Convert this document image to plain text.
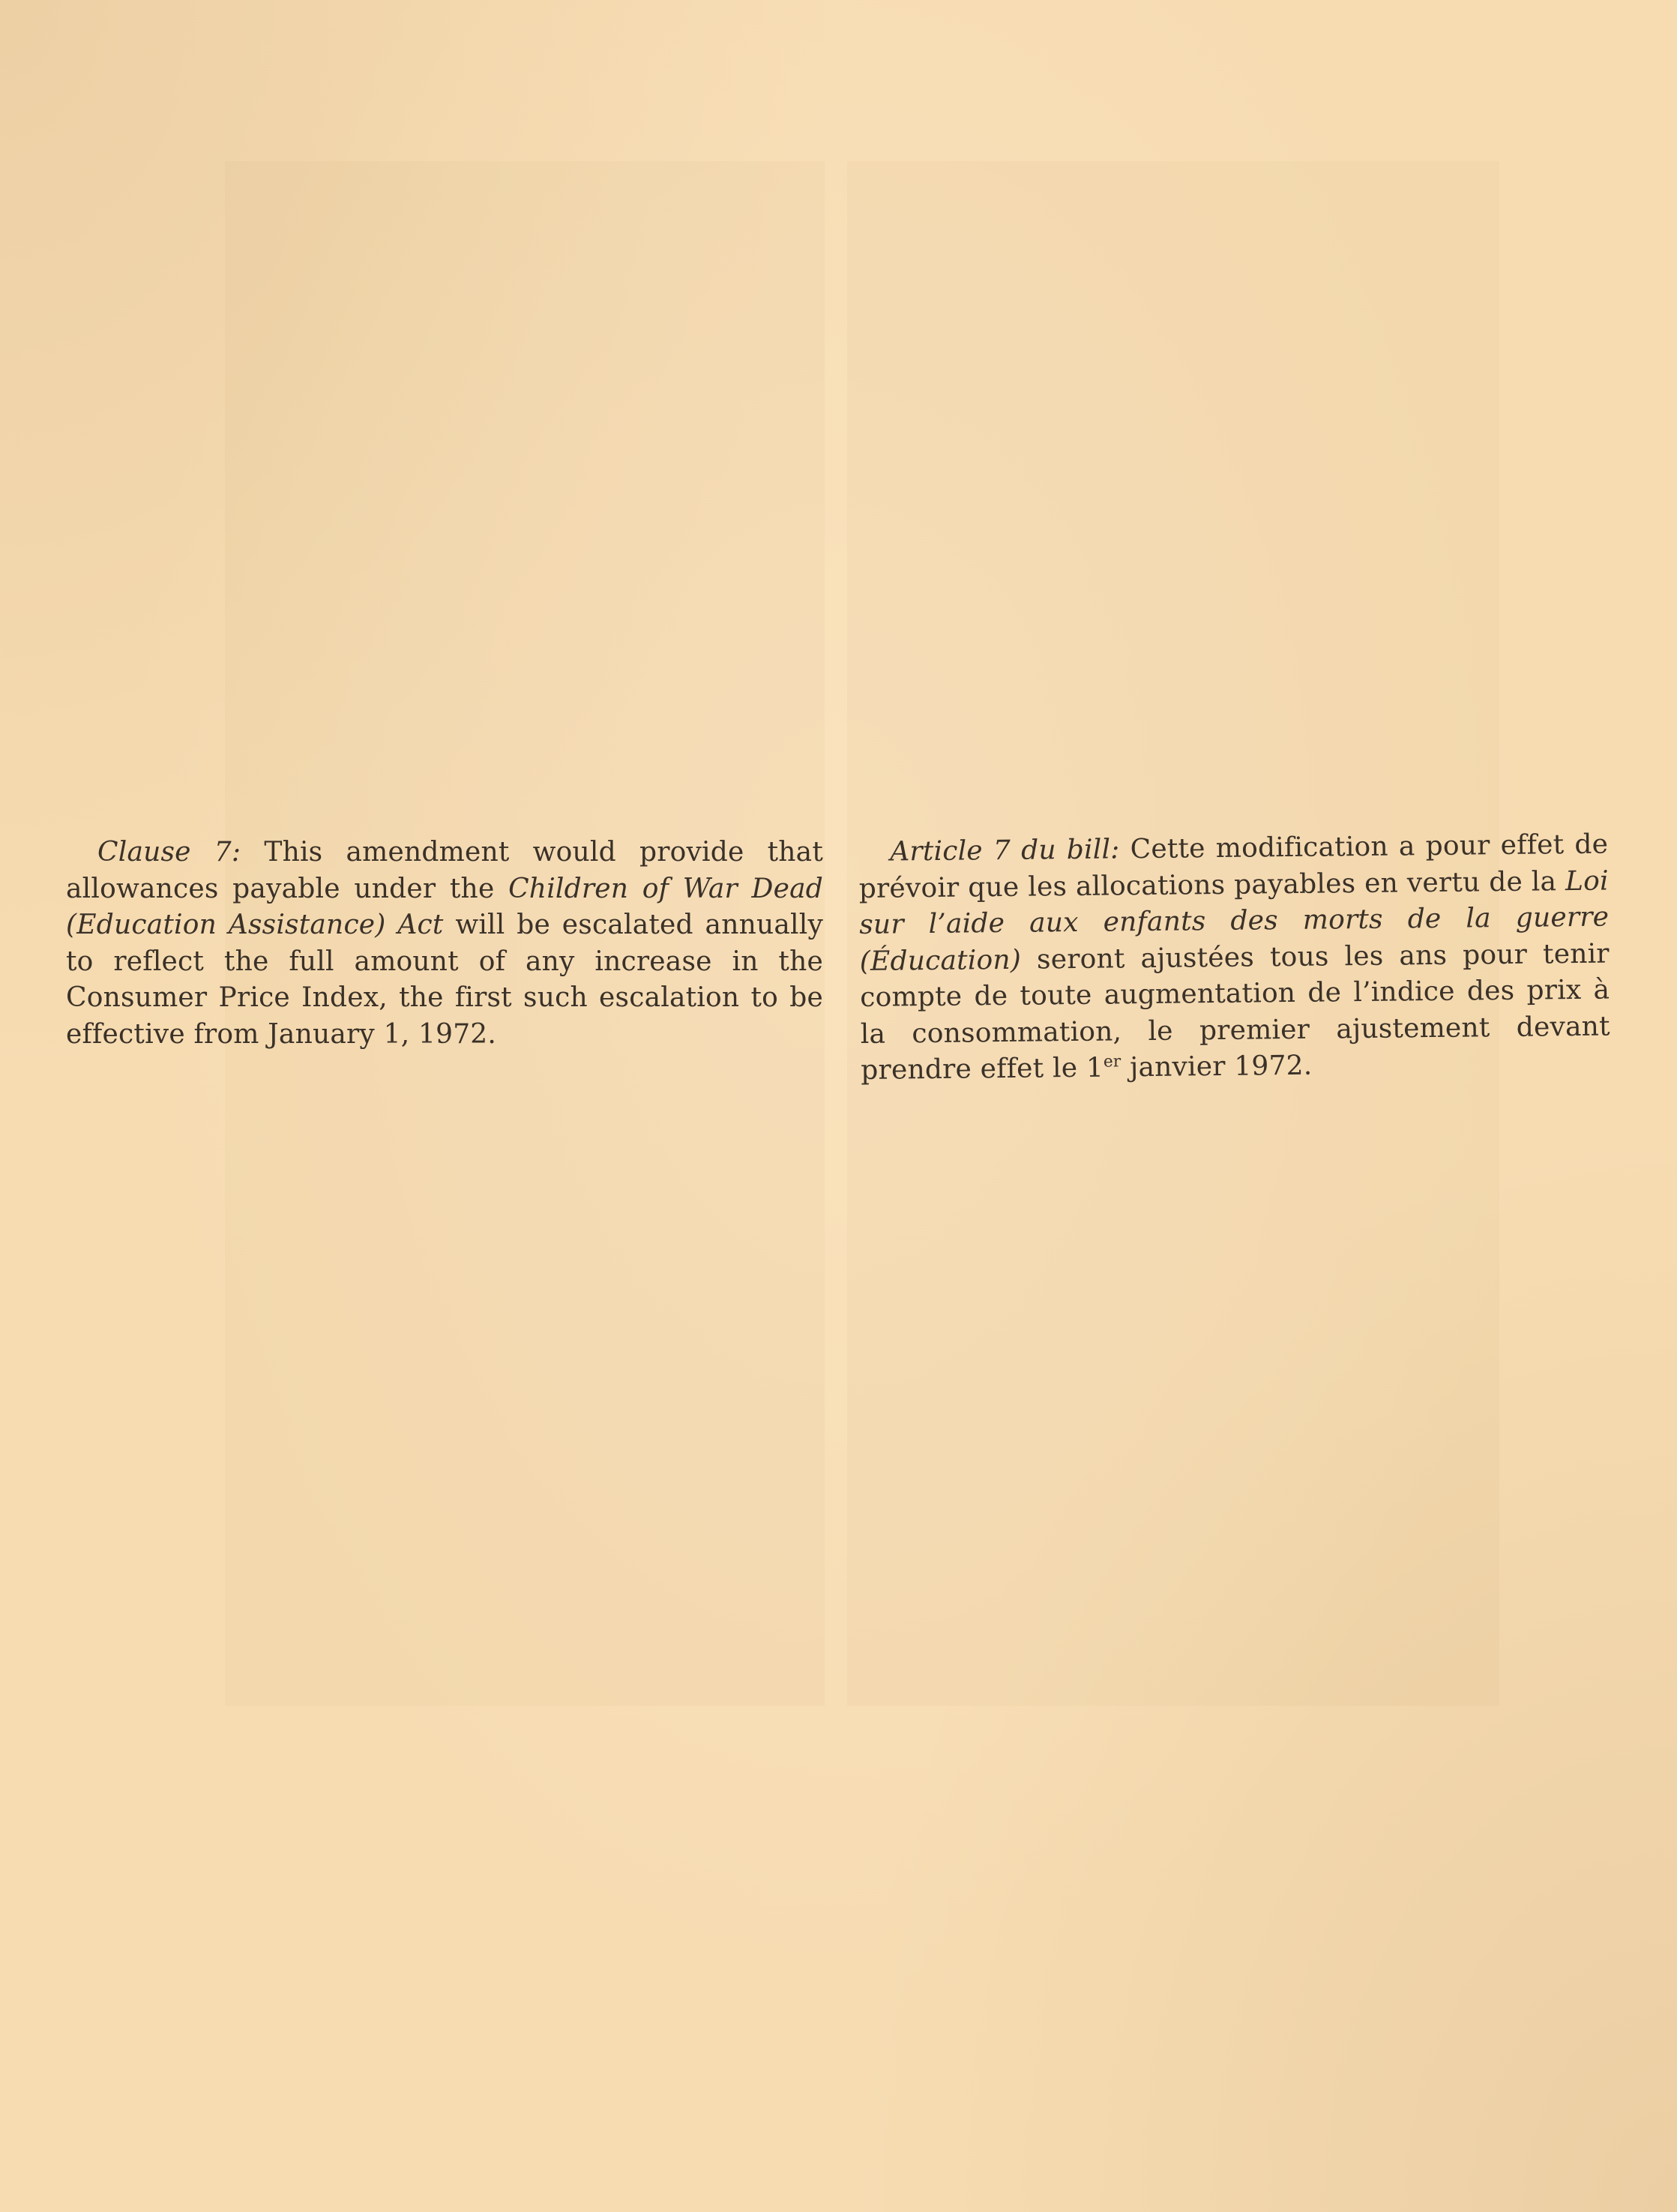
Clause 7: This amendment would provide that allowances payable under the Children of War Dead (Education Assistance) Act will be escalated annually to reflect the full amount of any increase in the Consumer Price Index, the first such escalation to be effective from January 1, 1972.

Article 7 du bill: Cette modification a pour effet de prévoir que les allocations payables en vertu de la Loi sur l’aide aux enfants des morts de la guerre (Éducation) seront ajustées tous les ans pour tenir compte de toute augmentation de l’indice des prix à la consommation, le premier ajustement devant prendre effet le 1er janvier 1972.
